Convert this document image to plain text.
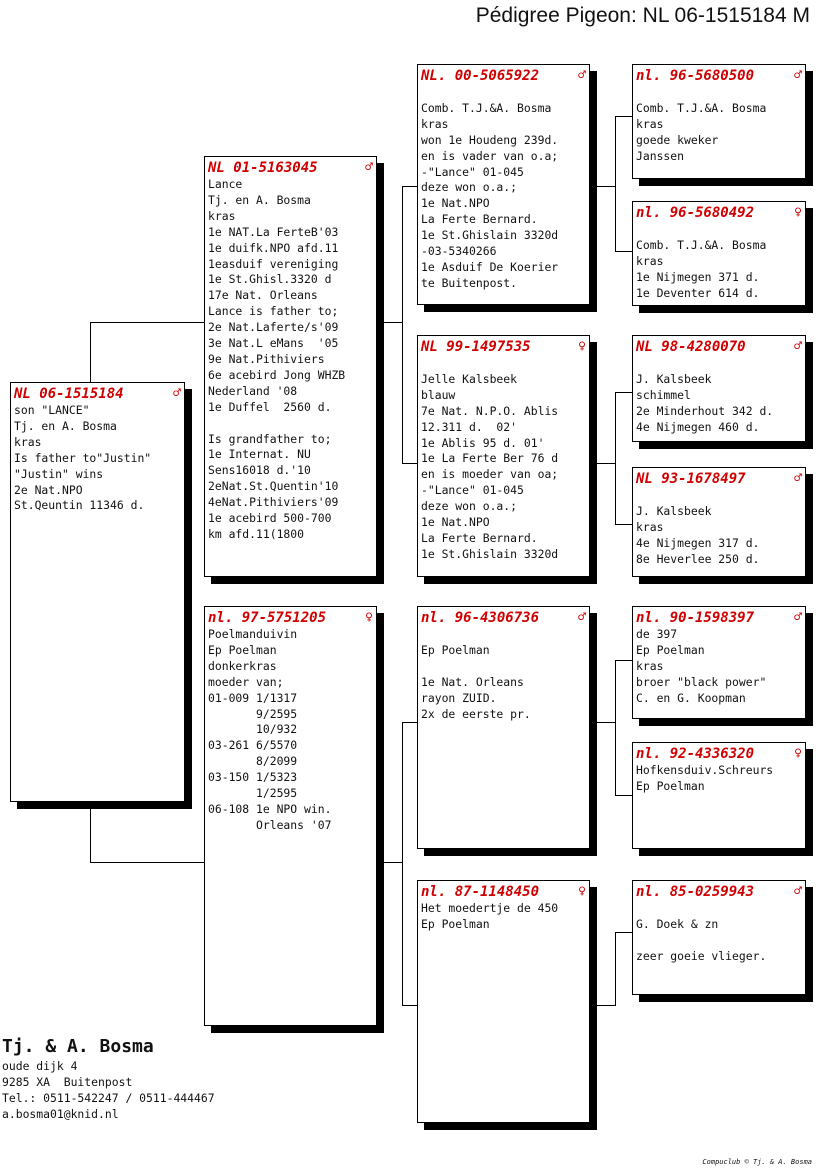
Pédigree Pigeon: NL 06-1515184 M
NL 06-1515184	♂
son "LANCE"
Tj. en A. Bosma
kras
Is father to"Justin"
"Justin" wins
2e Nat.NPO
St.Qeuntin 11346 d.
NL 01-5163045	♂
Lance
Tj. en A. Bosma
kras
1e NAT.La FerteB'03
1e duifk.NPO afd.11
1easduif vereniging
1e St.Ghisl.3320 d
17e Nat. Orleans
Lance is father to;
2e Nat.Laferte/s'09
3e Nat.L eMans  '05
9e Nat.Pithiviers
6e acebird Jong WHZB
Nederland '08
1e Duffel  2560 d.

Is grandfather to;
1e Internat. NU
Sens16018 d.'10
2eNat.St.Quentin'10
4eNat.Pithiviers'09
1e acebird 500-700
km afd.11(1800
nl. 97-5751205	♀
Poelmanduivin
Ep Poelman
donkerkras
moeder van;
01-009 1/1317
9/2595
10/932
03-261 6/5570
8/2099
03-150 1/5323
1/2595
06-108 1e NPO win.
Orleans '07
NL. 00-5065922	♂

Comb. T.J.&A. Bosma
kras
won 1e Houdeng 239d.
en is vader van o.a;
-"Lance" 01-045
deze won o.a.;
1e Nat.NPO
La Ferte Bernard.
1e St.Ghislain 3320d
-03-5340266
1e Asduif De Koerier
te Buitenpost.
NL 99-1497535	♀

Jelle Kalsbeek
blauw
7e Nat. N.P.O. Ablis
12.311 d.  02'
1e Ablis 95 d. 01'
1e La Ferte Ber 76 d
en is moeder van oa;
-"Lance" 01-045
deze won o.a.;
1e Nat.NPO
La Ferte Bernard.
1e St.Ghislain 3320d
nl. 96-4306736	♂

Ep Poelman

1e Nat. Orleans
rayon ZUID.
2x de eerste pr.
nl. 87-1148450	♀
Het moedertje de 450
Ep Poelman
nl. 96-5680500	♂

Comb. T.J.&A. Bosma
kras
goede kweker
Janssen
nl. 96-5680492	♀

Comb. T.J.&A. Bosma
kras
1e Nijmegen 371 d.
1e Deventer 614 d.
NL 98-4280070	♂

J. Kalsbeek
schimmel
2e Minderhout 342 d.
4e Nijmegen 460 d.
NL 93-1678497	♂

J. Kalsbeek
kras
4e Nijmegen 317 d.
8e Heverlee 250 d.
nl. 90-1598397	♂
de 397
Ep Poelman
kras
broer "black power"
C. en G. Koopman
nl. 92-4336320	♀
Hofkensduiv.Schreurs
Ep Poelman
nl. 85-0259943	♂

G. Doek & zn

zeer goeie vlieger.
Tj. & A. Bosma
oude dijk 4
9285 XA  Buitenpost
Tel.: 0511-542247 / 0511-444467
a.bosma01@knid.nl
Compuclub © Tj. & A. Bosma
